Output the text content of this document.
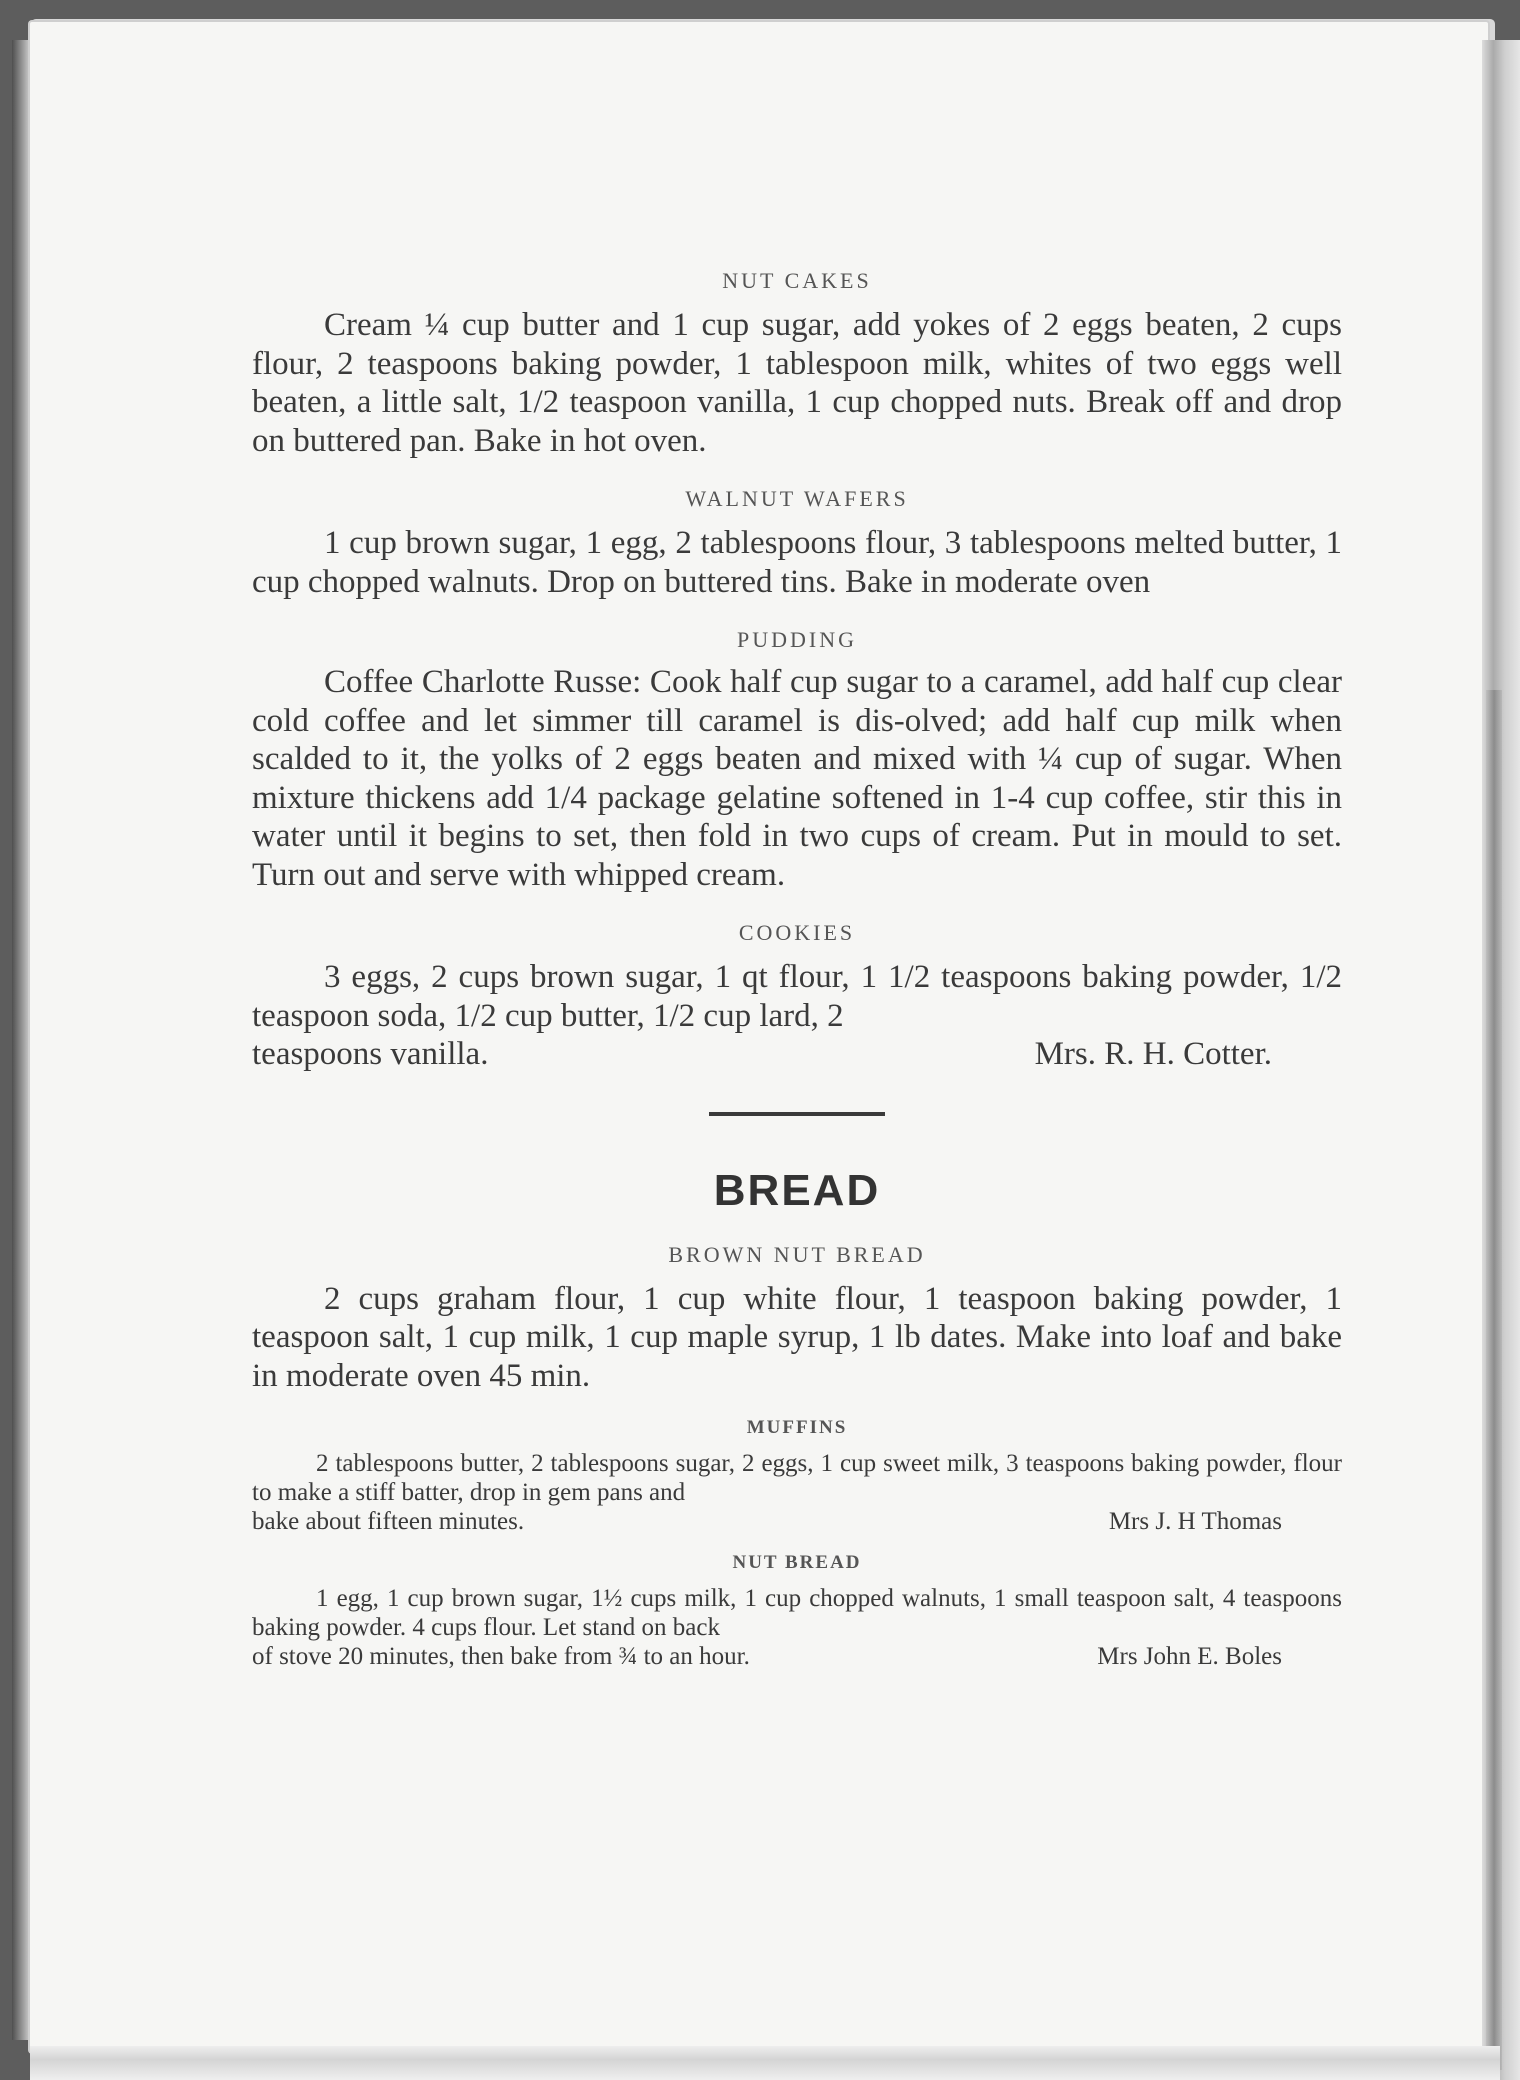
NUT CAKES

Cream ¼ cup butter and 1 cup sugar, add yokes of 2 eggs beaten, 2 cups flour, 2 teaspoons baking powder, 1 tablespoon milk, whites of two eggs well beaten, a little salt, 1/2 teaspoon vanilla, 1 cup chopped nuts. Break off and drop on buttered pan. Bake in hot oven.

WALNUT WAFERS

1 cup brown sugar, 1 egg, 2 tablespoons flour, 3 tablespoons melted butter, 1 cup chopped walnuts. Drop on buttered tins. Bake in moderate oven

PUDDING

Coffee Charlotte Russe: Cook half cup sugar to a caramel, add half cup clear cold coffee and let simmer till caramel is dis-olved; add half cup milk when scalded to it, the yolks of 2 eggs beaten and mixed with ¼ cup of sugar. When mixture thickens add 1/4 package gelatine softened in 1-4 cup coffee, stir this in water until it begins to set, then fold in two cups of cream. Put in mould to set. Turn out and serve with whipped cream.

COOKIES

3 eggs, 2 cups brown sugar, 1 qt flour, 1 1/2 teaspoons baking powder, 1/2 teaspoon soda, 1/2 cup butter, 1/2 cup lard, 2

teaspoons vanilla.	Mrs. R. H. Cotter.

BREAD

BROWN NUT BREAD

2 cups graham flour, 1 cup white flour, 1 teaspoon baking powder, 1 teaspoon salt, 1 cup milk, 1 cup maple syrup, 1 lb dates. Make into loaf and bake in moderate oven 45 min.

MUFFINS

2 tablespoons butter, 2 tablespoons sugar, 2 eggs, 1 cup sweet milk, 3 teaspoons baking powder, flour to make a stiff batter, drop in gem pans and

bake about fifteen minutes.	Mrs J. H Thomas

NUT BREAD

1 egg, 1 cup brown sugar, 1½ cups milk, 1 cup chopped walnuts, 1 small teaspoon salt, 4 teaspoons baking powder. 4 cups flour. Let stand on back

of stove 20 minutes, then bake from ¾ to an hour.	Mrs John E. Boles
